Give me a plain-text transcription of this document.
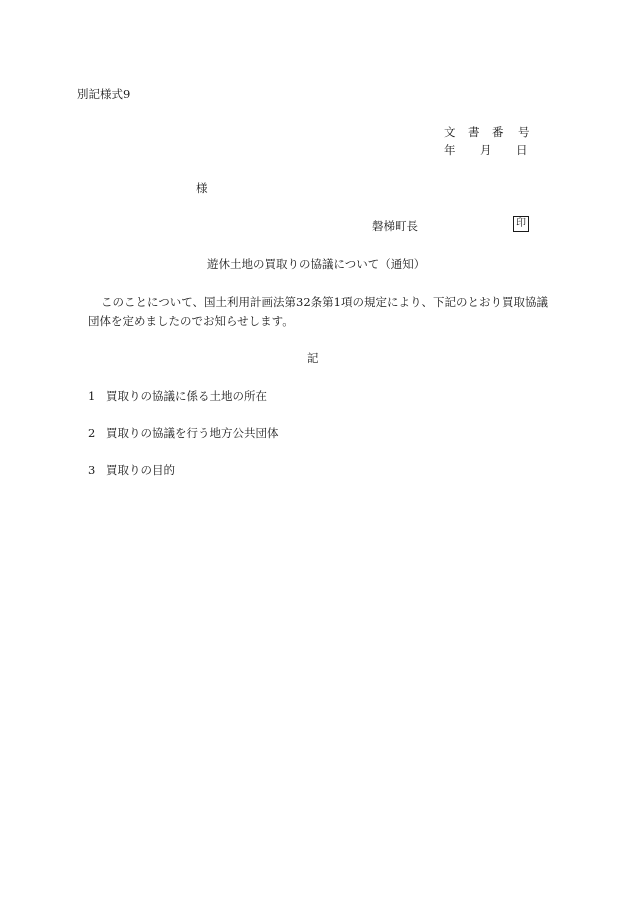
別記様式9
文 書 番 号
年 月 日
様
磐梯町長	印
遊休土地の買取りの協議について（通知）
このことについて、国土利用計画法第32条第1項の規定により、下記のとおり買取協議
団体を定めましたのでお知らせします。
記
1 買取りの協議に係る土地の所在
2 買取りの協議を行う地方公共団体
3 買取りの目的
